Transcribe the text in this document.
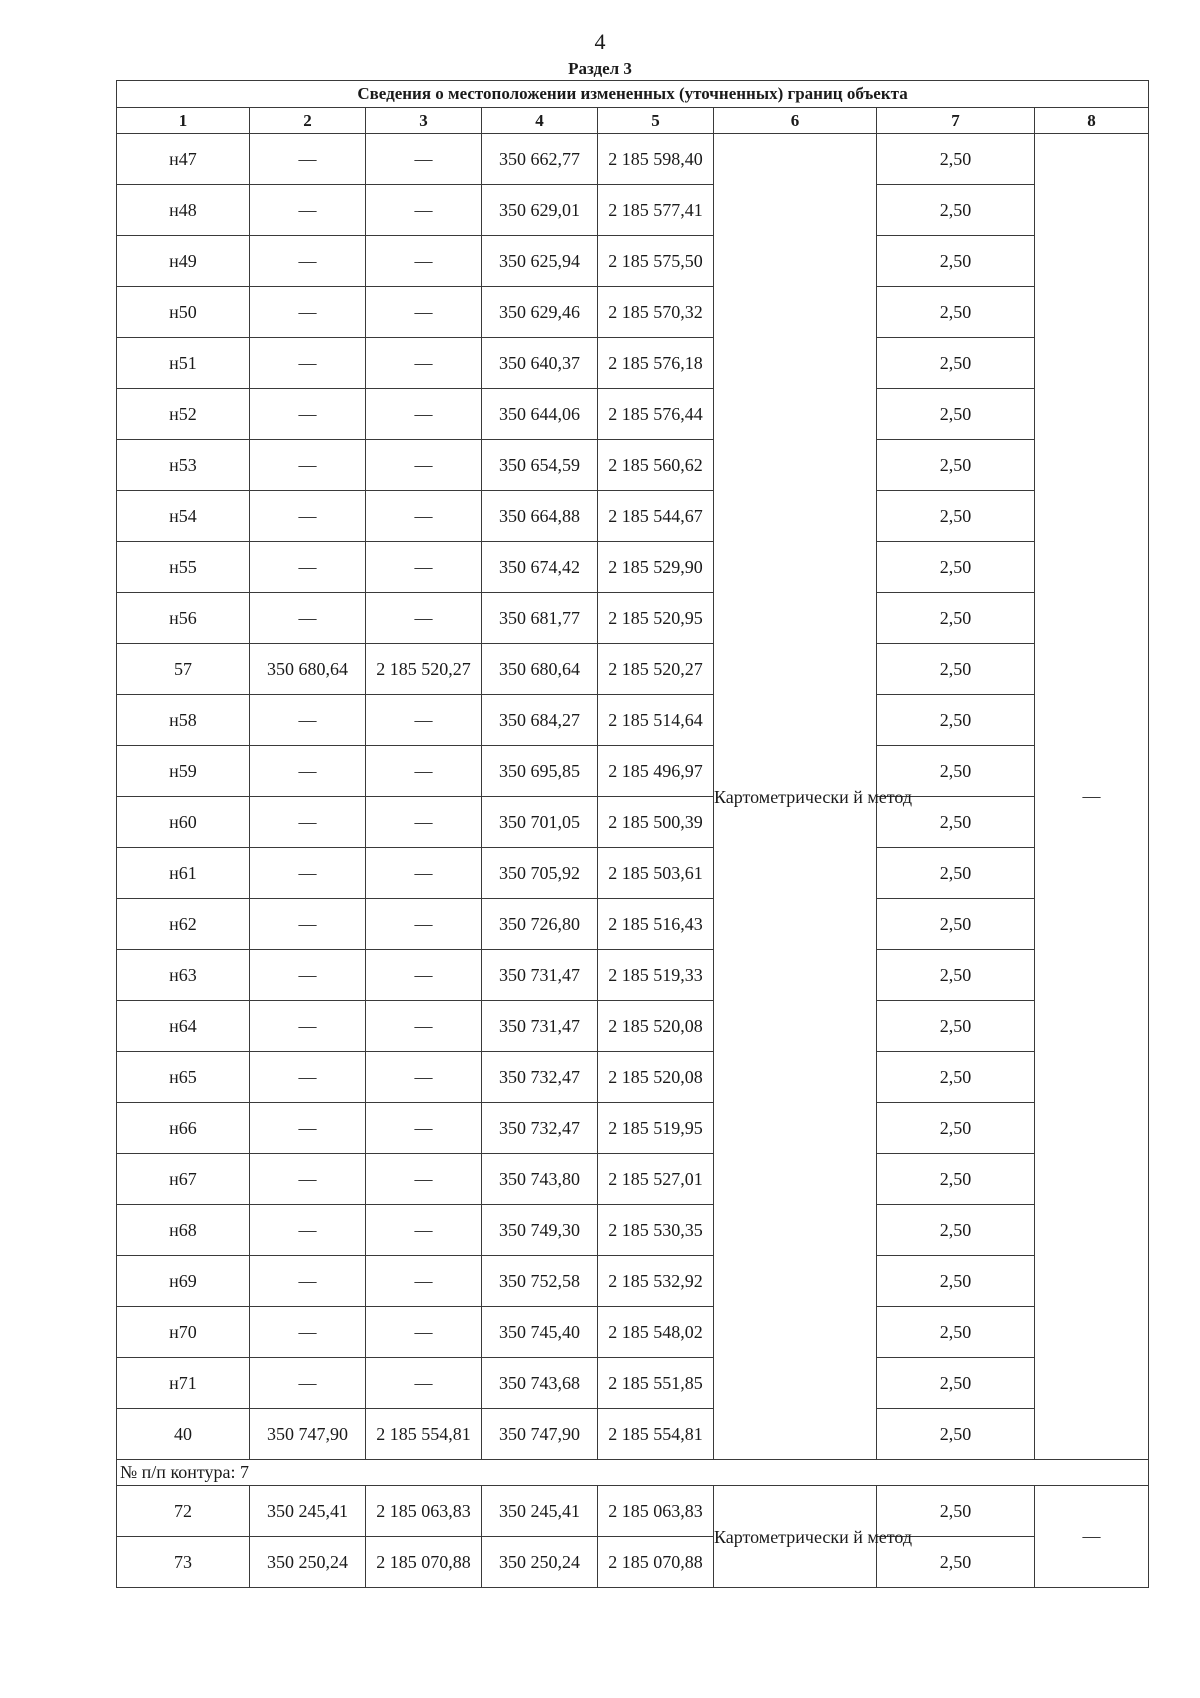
4
Раздел 3
Сведения о местоположении измененных (уточненных) границ объекта							
1	2	3	4	5	6	7	8
н47	—	—	350 662,77	2 185 598,40	Картометрически й метод	2,50	—
н48	—	—	350 629,01	2 185 577,41		2,50	
н49	—	—	350 625,94	2 185 575,50		2,50	
н50	—	—	350 629,46	2 185 570,32		2,50	
н51	—	—	350 640,37	2 185 576,18		2,50	
н52	—	—	350 644,06	2 185 576,44		2,50	
н53	—	—	350 654,59	2 185 560,62		2,50	
н54	—	—	350 664,88	2 185 544,67		2,50	
н55	—	—	350 674,42	2 185 529,90		2,50	
н56	—	—	350 681,77	2 185 520,95		2,50	
57	350 680,64	2 185 520,27	350 680,64	2 185 520,27		2,50	
н58	—	—	350 684,27	2 185 514,64		2,50	
н59	—	—	350 695,85	2 185 496,97		2,50	
н60	—	—	350 701,05	2 185 500,39		2,50	
н61	—	—	350 705,92	2 185 503,61		2,50	
н62	—	—	350 726,80	2 185 516,43		2,50	
н63	—	—	350 731,47	2 185 519,33		2,50	
н64	—	—	350 731,47	2 185 520,08		2,50	
н65	—	—	350 732,47	2 185 520,08		2,50	
н66	—	—	350 732,47	2 185 519,95		2,50	
н67	—	—	350 743,80	2 185 527,01		2,50	
н68	—	—	350 749,30	2 185 530,35		2,50	
н69	—	—	350 752,58	2 185 532,92		2,50	
н70	—	—	350 745,40	2 185 548,02		2,50	
н71	—	—	350 743,68	2 185 551,85		2,50	
40	350 747,90	2 185 554,81	350 747,90	2 185 554,81		2,50	
№ п/п контура: 7							
72	350 245,41	2 185 063,83	350 245,41	2 185 063,83	Картометрически й метод	2,50	—
73	350 250,24	2 185 070,88	350 250,24	2 185 070,88		2,50	
